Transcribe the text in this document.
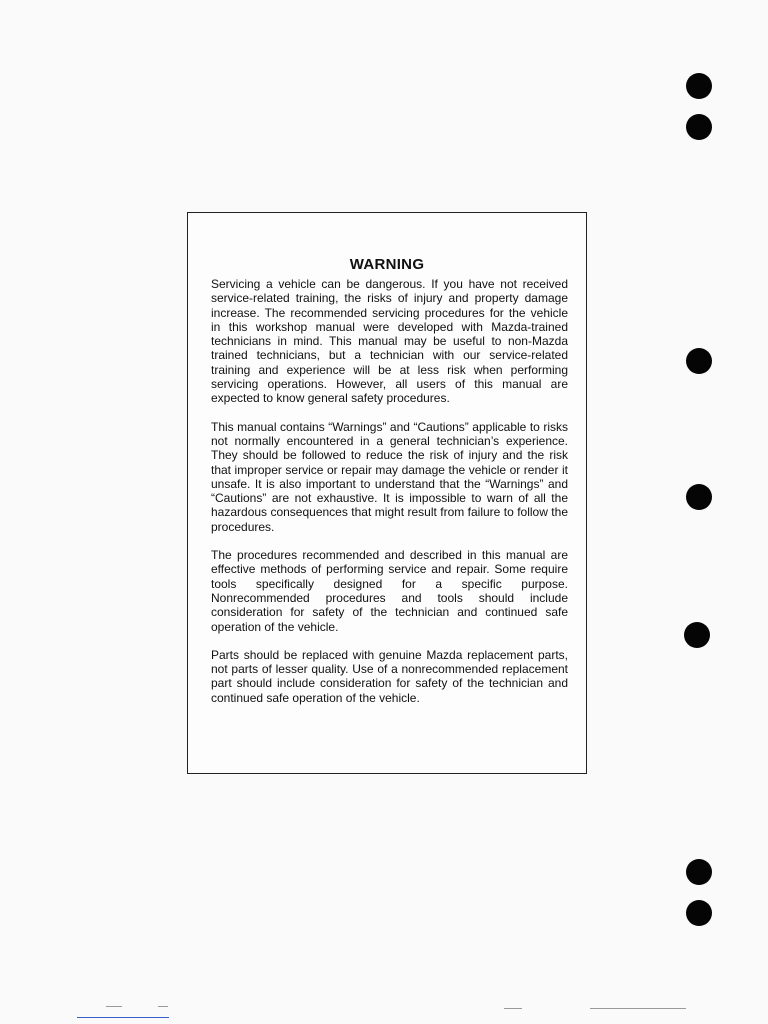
WARNING

Servicing a vehicle can be dangerous. If you have not received service-related training, the risks of injury and property damage increase. The recommended servicing procedures for the vehicle in this workshop manual were developed with Mazda-trained technicians in mind. This manual may be useful to non-Mazda trained technicians, but a technician with our service-related training and experience will be at less risk when performing servicing operations. However, all users of this manual are expected to know general safety procedures.

This manual contains “Warnings” and “Cautions” applicable to risks not normally encountered in a general technician’s experience. They should be followed to reduce the risk of injury and the risk that improper service or repair may damage the vehicle or render it unsafe. It is also important to understand that the “Warnings” and “Cautions” are not exhaustive. It is impossible to warn of all the hazardous consequences that might result from failure to follow the procedures.

The procedures recommended and described in this manual are effective methods of performing service and repair. Some require tools specifically designed for a specific purpose. Nonrecommended procedures and tools should include consideration for safety of the technician and continued safe operation of the vehicle.

Parts should be replaced with genuine Mazda replacement parts, not parts of lesser quality. Use of a nonrecommended replacement part should include consideration for safety of the technician and continued safe operation of the vehicle.
